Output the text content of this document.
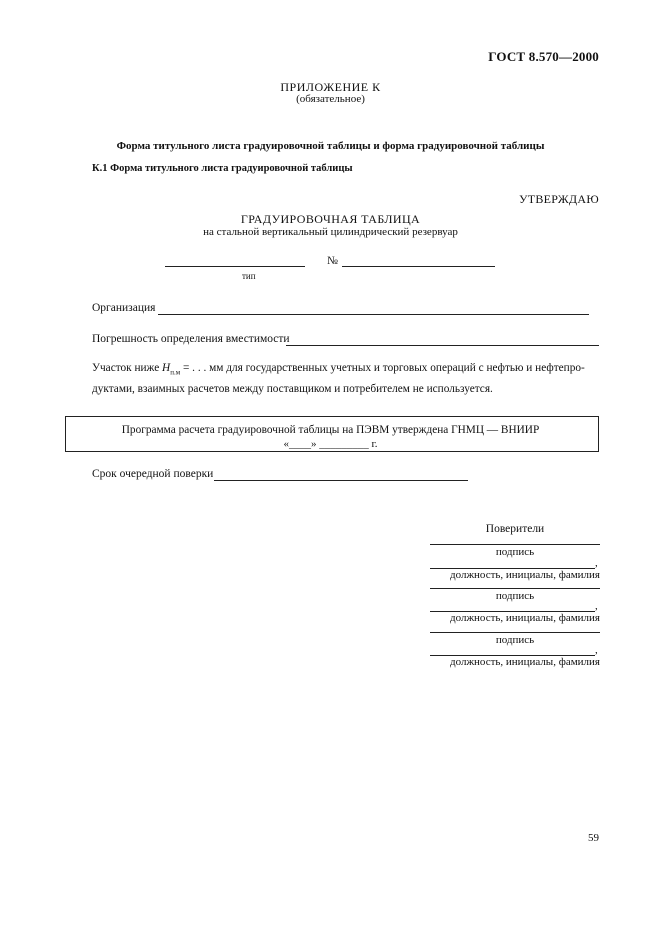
ГОСТ 8.570—2000
ПРИЛОЖЕНИЕ К
(обязательное)
Форма титульного листа градуировочной таблицы и форма градуировочной таблицы
К.1 Форма титульного листа градуировочной таблицы
УТВЕРЖДАЮ
ГРАДУИРОВОЧНАЯ ТАБЛИЦА
на стальной вертикальный цилиндрический резервуар
№
тип
Организация
Погрешность определения вместимости
Участок ниже $H_{п.м}$ = . . . мм для государственных учетных и торговых операций с нефтью и нефтепро-
дуктами, взаимных расчетов между поставщиком и потребителем не используется.
Программа расчета градуировочной таблицы на ПЭВМ утверждена ГНМЦ — ВНИИР
«____» _________ г.
Срок очередной поверки
Поверители
подпись
,
должность, инициалы, фамилия
подпись
,
должность, инициалы, фамилия
подпись
,
должность, инициалы, фамилия
59
